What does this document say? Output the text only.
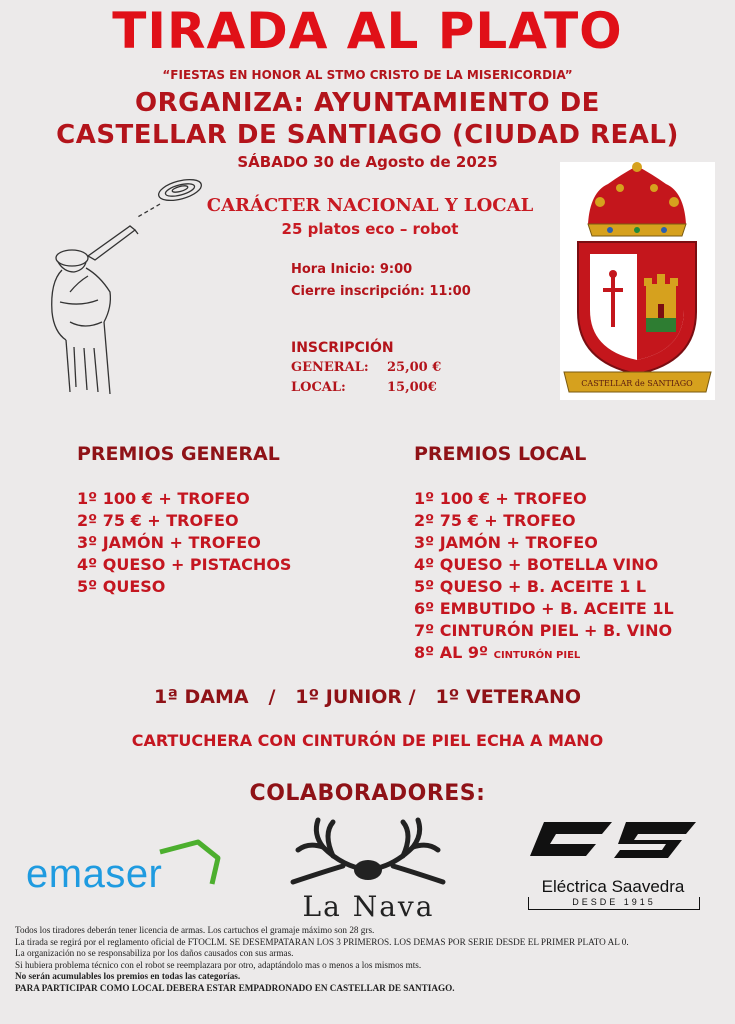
TIRADA AL PLATO
“FIESTAS EN HONOR AL STMO CRISTO DE LA MISERICORDIA”
ORGANIZA: AYUNTAMIENTO DE
CASTELLAR DE SANTIAGO (CIUDAD REAL)
SÁBADO 30 de Agosto de 2025
CARÁCTER NACIONAL Y LOCAL
25 platos eco – robot
Hora Inicio: 9:00
Cierre inscripción: 11:00
INSCRIPCIÓN
GENERAL: 25,00 €
LOCAL:	15,00€	CASTELLAR de SANTIAGO
PREMIOS GENERAL	PREMIOS LOCAL
1º 100 € + TROFEO
2º 75 € + TROFEO
3º JAMÓN + TROFEO
4º QUESO + PISTACHOS
5º QUESO
1º 100 € + TROFEO
2º 75 € + TROFEO
3º JAMÓN + TROFEO
4º QUESO + BOTELLA VINO
5º QUESO + B. ACEITE 1 L
6º EMBUTIDO + B. ACEITE 1L
7º CINTURÓN PIEL + B. VINO
8º AL 9º CINTURÓN PIEL
1ª DAMA   /   1º JUNIOR /   1º VETERANO
CARTUCHERA CON CINTURÓN DE PIEL ECHA A MANO
COLABORADORES:
emaser
La Nava
Eléctrica Saavedra
DESDE 1915
Todos los tiradores deberán tener licencia de armas. Los cartuchos el gramaje máximo son 28 grs.
La tirada se regirá por el reglamento oficial de FTOCLM. SE DESEMPATARAN LOS 3 PRIMEROS. LOS DEMAS POR SERIE DESDE EL PRIMER PLATO AL 0.
La organización no se responsabiliza por los daños causados con sus armas.
Si hubiera problema técnico con el robot se reemplazara por otro, adaptándolo mas o menos a los mismos mts.
No serán acumulables los premios en todas las categorías.
PARA PARTICIPAR COMO LOCAL DEBERA ESTAR EMPADRONADO EN CASTELLAR DE SANTIAGO.
